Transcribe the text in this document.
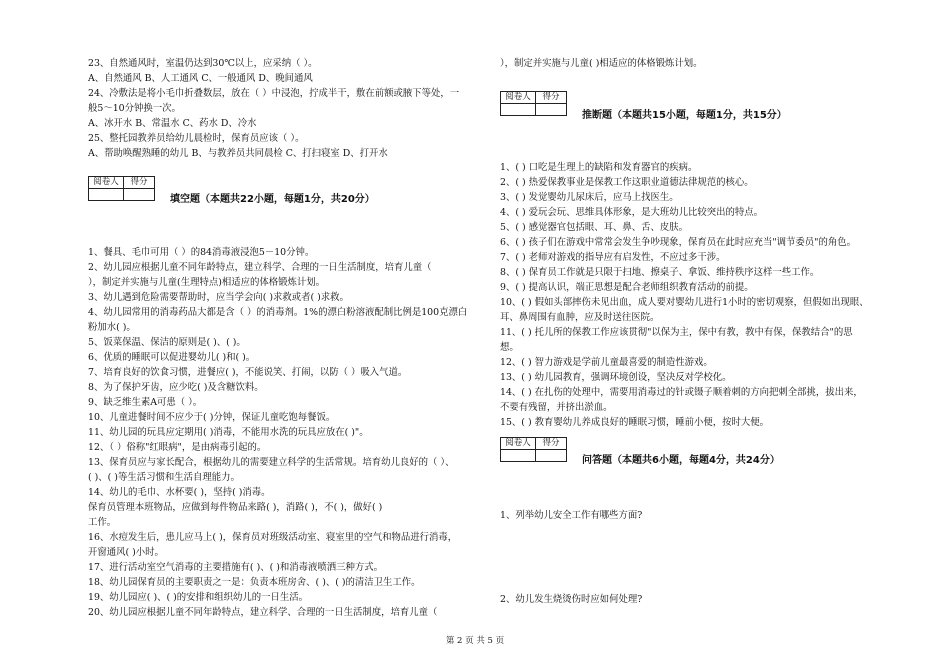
23、自然通风时，室温仍达到30℃以上，应采纳（ ）。
A、自然通风 B、人工通风 C、一般通风 D、晚间通风
24、冷敷法是将小毛巾折叠数层，放在（ ）中浸泡，拧成半干，敷在前额或腋下等处，一
般5～10分钟换一次。
A、冰开水 B、常温水 C、药水 D、冷水
25、整托园教养员给幼儿晨检时，保育员应该（ ）。
A、帮助唤醒熟睡的幼儿 B、与教养员共同晨检 C、打扫寝室 D、打开水
阅卷人	得分

填空题（本题共22小题，每题1分，共20分）
1、餐具、毛巾可用（ ）的84消毒液浸泡5－10分钟。
2、幼儿园应根据儿童不同年龄特点，建立科学、合理的一日生活制度，培育儿童（
），制定并实施与儿童(生理特点)相适应的体格锻炼计划。
3、幼儿遇到危险需要帮助时，应当学会向( )求救或者( )求救。
4、幼儿园常用的消毒药品大都是含（ ）的消毒剂。1%的漂白粉溶液配制比例是100克漂白
粉加水( )。
5、饭菜保温、保洁的原则是( )、( )。
6、优质的睡眠可以促进婴幼儿( )和( )。
7、培育良好的饮食习惯，进餐应( )，不能说笑、打闹，以防（ ）吸入气道。
8、为了保护牙齿，应少吃( )及含糖饮料。
9、缺乏维生素A可患（ ）。
10、儿童进餐时间不应少于( )分钟，保证儿童吃饱每餐饭。
11、幼儿园的玩具应定期用( )消毒，不能用水洗的玩具应放在( )"。
12、（ ）俗称"红眼病"，是由病毒引起的。
13、保育员应与家长配合，根据幼儿的需要建立科学的生活常规。培育幼儿良好的（ ）、
( )、( )等生活习惯和生活自理能力。
14、幼儿的毛巾、水杯要( )，坚持( )消毒。
保育员管理本班物品，应做到每件物品来路( )，消路( )，不( )，做好( )
工作。
16、水痘发生后，患儿应马上( )，保育员对班级活动室、寝室里的空气和物品进行消毒，
开窗通风( )小时。
17、进行活动室空气消毒的主要措施有( )、( )和消毒液喷洒三种方式。
18、幼儿园保育员的主要职责之一是：负责本班房舍、( )、( )的清洁卫生工作。
19、幼儿园应( )、( )的安排和组织幼儿的一日生活。
20、幼儿园应根据儿童不同年龄特点，建立科学、合理的一日生活制度，培育儿童（
），制定并实施与儿童( )相适应的体格锻炼计划。
阅卷人	得分

推断题（本题共15小题，每题1分，共15分）
1、( ) 口吃是生理上的缺陷和发育器官的疾病。
2、( ) 热爱保教事业是保教工作这职业道德法律规范的核心。
3、( ) 发觉婴幼儿尿床后，应马上找医生。
4、( ) 爱玩会玩、思维具体形象，是大班幼儿比较突出的特点。
5、( ) 感觉器官包括眼、耳、鼻、舌、皮肤。
6、( ) 孩子们在游戏中常常会发生争吵现象，保育员在此时应充当"调节委员"的角色。
7、( ) 老师对游戏的指导应有启发性，不应过多干涉。
8、( ) 保育员工作就是只限于扫地、擦桌子、拿饭、维持秩序这样一些工作。
9、( ) 提高认识，端正思想是配合老师组织教育活动的前提。
10、( ) 假如头部摔伤未见出血，成人要对婴幼儿进行1小时的密切观察，但假如出现眼、
耳、鼻周围有血肿，应及时送往医院。
11、( ) 托儿所的保教工作应该贯彻"以保为主，保中有教，教中有保，保教结合"的思
想。
12、( ) 智力游戏是学前儿童最喜爱的制造性游戏。
13、( ) 幼儿园教育，强调环境创设，坚决反对学校化。
14、( ) 在扎伤的处理中，需要用消毒过的针或镊子顺着刺的方向把刺全部挑，拔出来，
不要有残留，并挤出淤血。
15、( ) 教育婴幼儿养成良好的睡眠习惯，睡前小便，按时大便。
阅卷人	得分

问答题（本题共6小题，每题4分，共24分）
1、列举幼儿安全工作有哪些方面?
2、幼儿发生烧烫伤时应如何处理?
第 2 页 共 5 页
